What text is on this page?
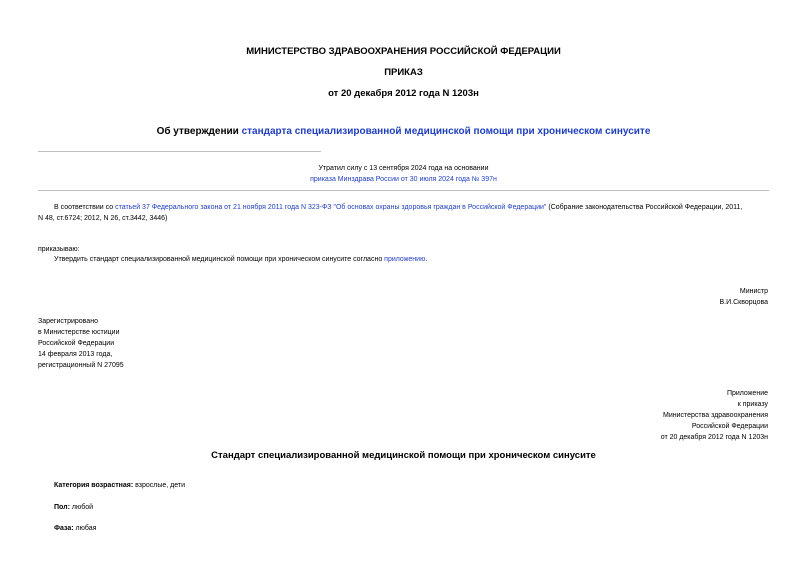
МИНИСТЕРСТВО ЗДРАВООХРАНЕНИЯ РОССИЙСКОЙ ФЕДЕРАЦИИ
ПРИКАЗ
от 20 декабря 2012 года N 1203н
Об утверждении стандарта специализированной медицинской помощи при хроническом синусите
Утратил силу с 13 сентября 2024 года на основании
приказа Минздрава России от 30 июля 2024 года № 397н
В соответствии со статьей 37 Федерального закона от 21 ноября 2011 года N 323-ФЗ "Об основах охраны здоровья граждан в Российской Федерации" (Собрание законодательства Российской Федерации, 2011,
N 48, ст.6724; 2012, N 26, ст.3442, 3446)
приказываю:
Утвердить стандарт специализированной медицинской помощи при хроническом синусите согласно приложению.
Министр
В.И.Скворцова
Зарегистрировано
в Министерстве юстиции
Российской Федерации
14 февраля 2013 года,
регистрационный N 27095
Приложение
к приказу
Министерства здравоохранения
Российской Федерации
от 20 декабря 2012 года N 1203н
Стандарт специализированной медицинской помощи при хроническом синусите
Категория возрастная: взрослые, дети
Пол: любой
Фаза: любая
